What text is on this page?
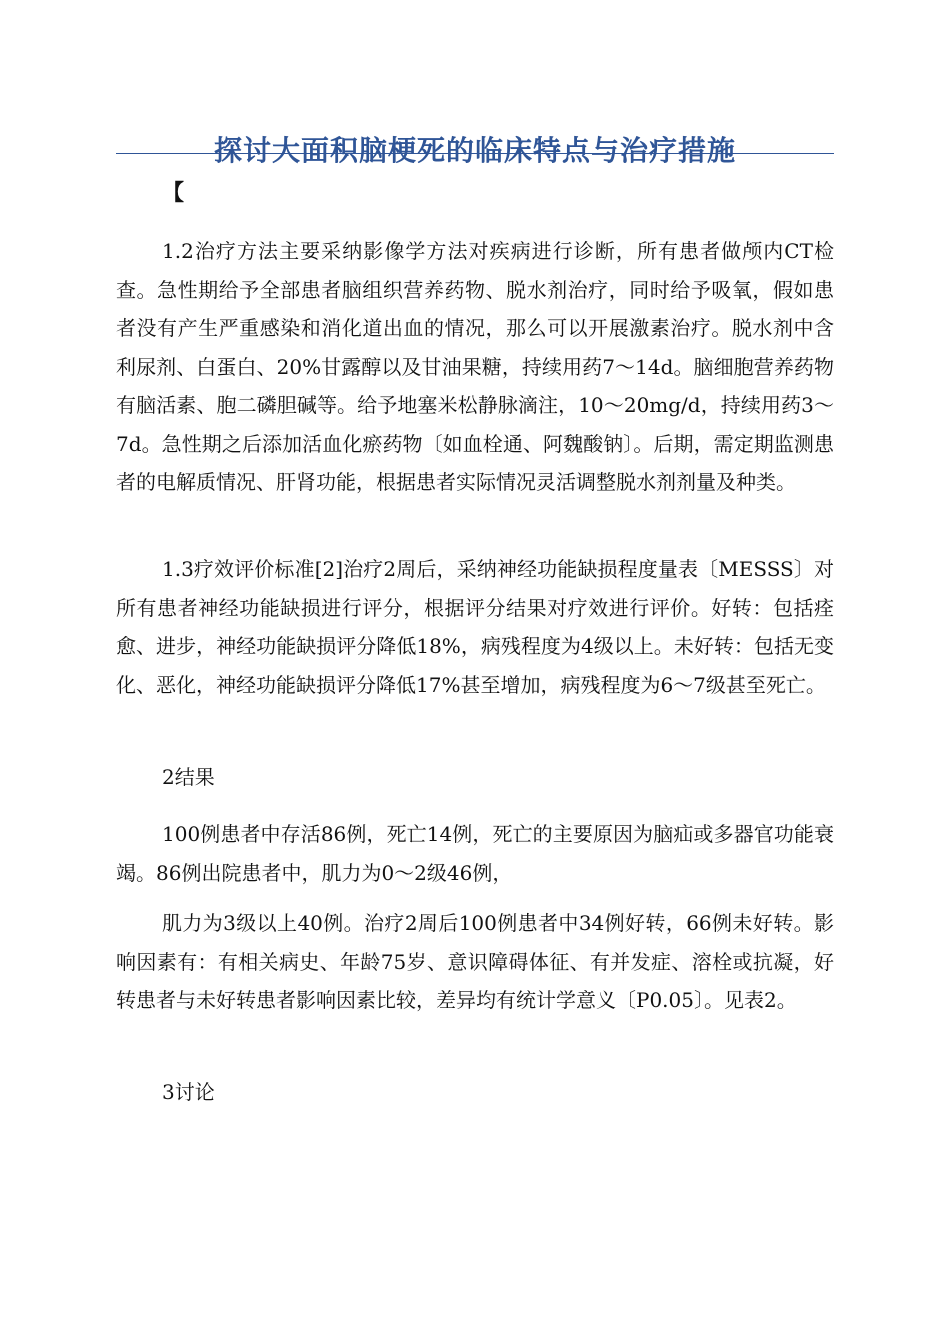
探讨大面积脑梗死的临床特点与治疗措施
【

1.2治疗方法主要采纳影像学方法对疾病进行诊断，所有患者做颅内CT检查。急性期给予全部患者脑组织营养药物、脱水剂治疗，同时给予吸氧，假如患者没有产生严重感染和消化道出血的情况，那么可以开展激素治疗。脱水剂中含利尿剂、白蛋白、20%甘露醇以及甘油果糖，持续用药7～14d。脑细胞营养药物有脑活素、胞二磷胆碱等。给予地塞米松静脉滴注，10～20mg/d，持续用药3～7d。急性期之后添加活血化瘀药物〔如血栓通、阿魏酸钠〕。后期，需定期监测患者的电解质情况、肝肾功能，根据患者实际情况灵活调整脱水剂剂量及种类。

1.3疗效评价标准[2]治疗2周后，采纳神经功能缺损程度量表〔MESSS〕对所有患者神经功能缺损进行评分，根据评分结果对疗效进行评价。好转：包括痊愈、进步，神经功能缺损评分降低18%，病残程度为4级以上。未好转：包括无变化、恶化，神经功能缺损评分降低17%甚至增加，病残程度为6～7级甚至死亡。

2结果

100例患者中存活86例，死亡14例，死亡的主要原因为脑疝或多器官功能衰竭。86例出院患者中，肌力为0～2级46例，

肌力为3级以上40例。治疗2周后100例患者中34例好转，66例未好转。影响因素有：有相关病史、年龄75岁、意识障碍体征、有并发症、溶栓或抗凝，好转患者与未好转患者影响因素比较，差异均有统计学意义〔P0.05〕。见表2。

3讨论
